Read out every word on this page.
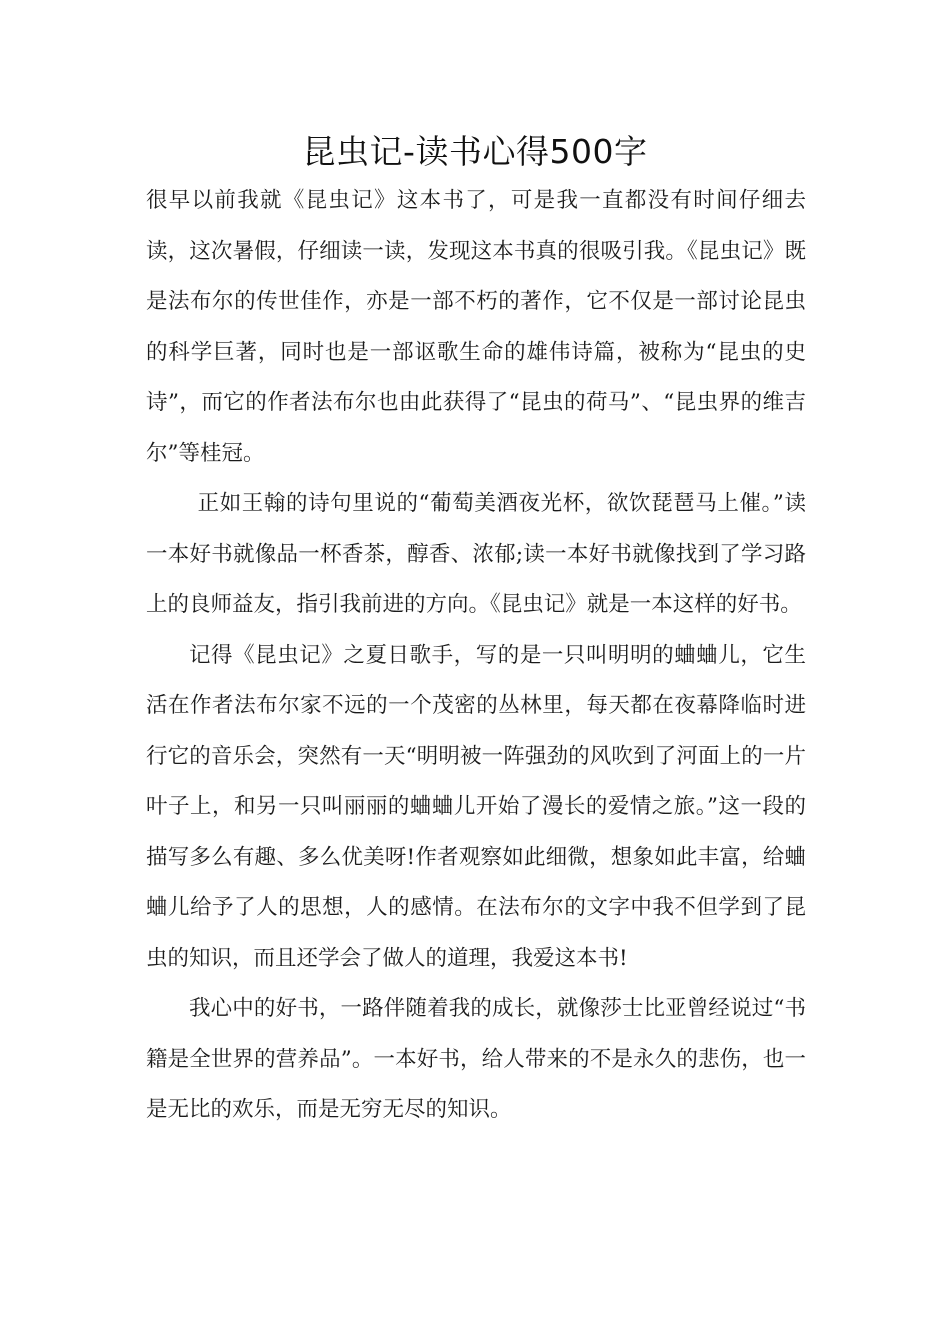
昆虫记-读书心得500字

很早以前我就《昆虫记》这本书了，可是我一直都没有时间仔细去读，这次暑假，仔细读一读，发现这本书真的很吸引我。《昆虫记》既是法布尔的传世佳作，亦是一部不朽的著作，它不仅是一部讨论昆虫的科学巨著，同时也是一部讴歌生命的雄伟诗篇，被称为“昆虫的史诗”，而它的作者法布尔也由此获得了“昆虫的荷马”、“昆虫界的维吉尔”等桂冠。

正如王翰的诗句里说的“葡萄美酒夜光杯，欲饮琵琶马上催。”读一本好书就像品一杯香茶，醇香、浓郁;读一本好书就像找到了学习路上的良师益友，指引我前进的方向。《昆虫记》就是一本这样的好书。

记得《昆虫记》之夏日歌手，写的是一只叫明明的蛐蛐儿，它生活在作者法布尔家不远的一个茂密的丛林里，每天都在夜幕降临时进行它的音乐会，突然有一天“明明被一阵强劲的风吹到了河面上的一片叶子上，和另一只叫丽丽的蛐蛐儿开始了漫长的爱情之旅。”这一段的描写多么有趣、多么优美呀!作者观察如此细微，想象如此丰富，给蛐蛐儿给予了人的思想，人的感情。在法布尔的文字中我不但学到了昆虫的知识，而且还学会了做人的道理，我爱这本书!

我心中的好书，一路伴随着我的成长，就像莎士比亚曾经说过“书籍是全世界的营养品”。一本好书，给人带来的不是永久的悲伤，也一是无比的欢乐，而是无穷无尽的知识。
